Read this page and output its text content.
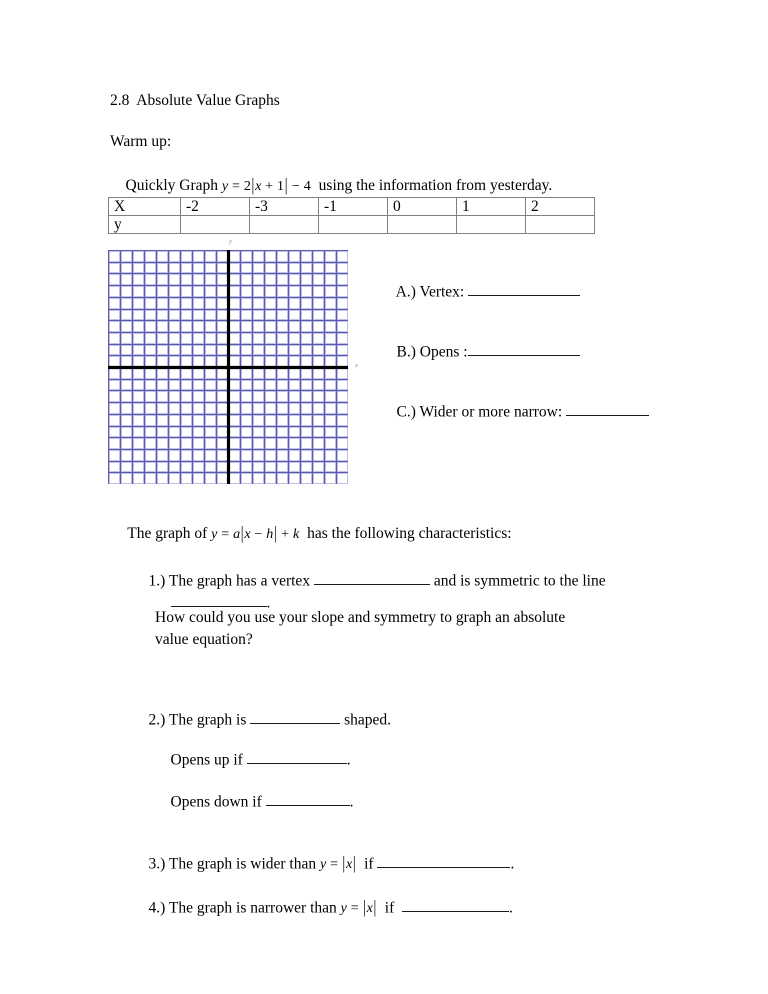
2.8  Absolute Value Graphs
Warm up:

Quickly Graph y = 2|x + 1| − 4 using the information from yesterday.

X	-2	-3	-1	0	1	2
y						
y
x

A.) Vertex:

B.) Opens :

C.) Wider or more narrow:

The graph of y = a|x − h| + k has the following characteristics:

1.) The graph has a vertex	and is symmetric to the line

.

How could you use your slope and symmetry to graph an absolute
value equation?

2.) The graph is	shaped.

Opens up if	.

Opens down if	.

3.) The graph is wider than y = |x| if	.

4.) The graph is narrower than y = |x| if	.
